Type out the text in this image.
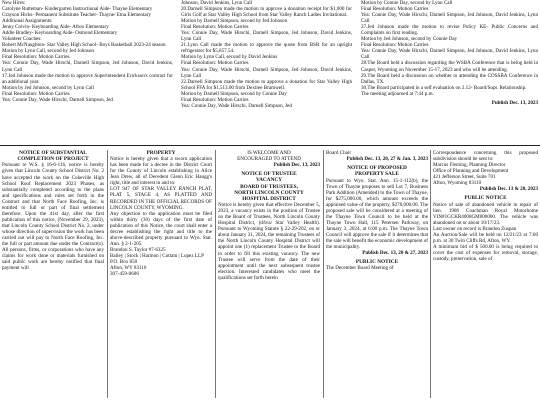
New Hires:

Carolyne Rutteman- Kindergarten Instructional Aide- Thayne Elementary

Grayson Hicks- Permanent Substitute Teacher- Thayne/ Etna Elementary

Additional Assignments:

Jenny Colvin- Keyboarding Aide- Afton Elementary

Addie Bradley- Keyboarding Aide- Osmond Elementary

Volunteer Coaches:

Robert McNaughton- Star Valley High School- Boys Basketball 2023-24 season

Motion by Lynn Call, second by Jed Johnson

Final Resolution: Motion Carries

Yea: Connie Day, Wade Hirschi, Darnell Simpson, Jed Johnson, David Jenkins, Lynn Call

17.Jed Johnson made the motion to approve Superintendent Erickson's contract for an additional year.

Motion by Jed Johnson, second by Lynn Call

Final Resolution: Motion Carries

Yea: Connie Day, Wade Hirschi, Darnell Simpson, Jed

Johnson, David Jenkins, Lynn Call

20.Darnell Simpson made the motion to approve a donation receipt for $1,000 for Girls Golf at Star Valley High School from Star Valley Ranch Ladies Invitational.

Motion by Darnell Simpson, second by Jed Johnson

Final Resolution: Motion Carries

Yea: Connie Day, Wade Hirschi, Darnell Simpson, Jed Johnson, David Jenkins, Lynn Call

21.Lynn Call made the motion to approve the quote from BSR for an upright refrigerator for $5,857.54.

Motion by Lynn Call, second by David Jenkins

Final Resolution: Motion Carries

Yea: Connie Day, Wade Hirschi, Darnell Simpson, Jed Johnson, David Jenkins, Lynn Call

22.Darnell Simpson made the motion to approve a donation for Star Valley High School FFA for $1,513.00 from Dextree Bramwell.

Motion by Darnell Simpson, second by Connie Day

Final Resolution: Motion Carries

Yea: Connie Day, Wade Hirschi, Darnell Simpson, Jed

Motion by Connie Day, second by Lynn Call

Final Resolution: Motion Carries

Yea: Connie Day, Wade Hirschi, Darnell Simpson, Jed Johnson, David Jenkins, Lynn Call

27.Jed Johnson made the motion to revise Policy KE- Public Concerns and Complaints on first reading.

Motion by Jed Johnson, second by Connie Day

Final Resolution: Motion Carries

Yea: Connie Day, Wade Hirschi, Darnell Simpson, Jed Johnson, David Jenkins, Lynn Call

28.The Board held a discussion regarding the WSBA Conference that is being held in Casper, Wyoming on November 15-17, 2023 and who will be attending.

29.The Board held a discussion on whether to attending the COSSBA Conference in Dallas, TX.

30.The Board participated in a self evaluation on 2.12- Board/Supt. Relationship.

The meeting adjourned at 7:44 p.m.

Publish Dec. 13, 2023

NOTICE OF SUBSTANTIAL

COMPLETION OF PROJECT

Pursuant to W.S. § 16-6-116, notice is hereby given that Lincoln County School District No. 2 have accepted the work on the Cokeville High School Roof Replacement 2023 Phases, as substantially completed according to the plans and specifications and rules set forth in the Contract and that North Face Roofing, Inc. is entitled to full or part of final settlement therefore. Upon the 41st day, after the first publication of this notice, (November 29, 2023), that Lincoln County School District No. 2, under whose direction of supervision the work has been carried out will pay to North Face Roofing, Inc. the full or part amount due under the Contract(s). All persons, firms, or corporations who have any claims for work done or materials furnished on said public work are hereby notified that final payment will

PROPERTY

Notice is hereby given that a sworn application has been made for a decree in the District Court for the County of Lincoln establishing in Alice Jean Drew, all of Decedent Glenn Eric Haugg's right, title and interest in and to:

LOT 947 OF STAR VALLEY RANCH PLAT, PLAT 5, STAGE 4, AS PLATTED AND RECORDED IN THE OFFICIAL RECORDS OF LINCOLN COUNTY, WYOMING.

Any objection to the application must be filed within thirty (30) days of the first date of publication of this Notice, the court shall enter a decree establishing the right and title to the above-described property pursuant to Wyo. Stat. Ann. § 2-1-205.

Brandon S. Taylor #7-6325

Bailey | Stock | Harmon | Cottam | Lopez LLP

P.O. Box 850

Afton, WY 83110

307-459-0606

IS WELCOME AND

ENCOURAGED TO ATTEND

Publish Dec. 13, 2023

NOTICE OF TRUSTEE

VACANCY

BOARD OF TRUSTEES,

NORTH LINCOLN COUNTY

HOSPITAL DISTRICT

Notice is hereby given that effective December 5, 2023, a vacancy exists in the position of Trustee on the Board of Trustees, North Lincoln County Hospital District, (d/b/a/ Star Valley Health). Pursuant to Wyoming Statute § 22-29-202, on or about January 31, 2024, the remaining Trustees of the North Lincoln County Hospital District will appoint one (1) replacement Trustee to the Board in order to fill this existing vacancy. The new Trustee will serve from the date of their appointment until the next subsequent trustee election. Interested candidates who meet the qualifications set forth herein

Board Chair

Publish Dec. 13, 20, 27 & Jan. 3, 2023

NOTICE OF PROPOSED

PROPERTY SALE

Pursuant to Wyo. Stat. Ann. 15-1-112(b), the Town of Thayne proposes to sell Lot 7, Business Park Addition (Amended) to the Town of Thayne, for $275,000.00, which amount exceeds the appraised value of the property, $270,000.00. The proposed sale will be considered at a meeting of the Thayne Town Council to be held at the Thayne Town Hall, 115 Petersen Parkway, on January 3, 2024, at 6:00 p.m. The Thayne Town Council will approve the sale if it determines that the sale will benefit the economic development of the municipality.

Publish Dec. 13, 20 & 27, 2023

PUBLIC NOTICE

The December Board Meeting of

Correspondence concerning this proposed subdivision should be sent to:

Marcus Fleming, Planning Director

Office of Planning and Development

421 Jefferson Street, Suite 701

Afton, Wyoming 83110

Publish Dec. 13 & 20, 2023

PUBLIC NOTICE

Notice of sale of abandoned vehicle in repair of lien. 1986 Coachman Royal Motorhome VIN#1GCKR4008GM000000. The vehicle was abandoned on or about 10/17/23.

Last owner on record is Brandon Zuspan

An Auction/Sale will be held on 12/21/23 at 7:00 p.m. at 30 Twin Cliffs Rd, Afton, WY.

A minimum bid of $ 500.00 is being required to cover the cost of expenses for removal, storage, custody, preservation, sale of
